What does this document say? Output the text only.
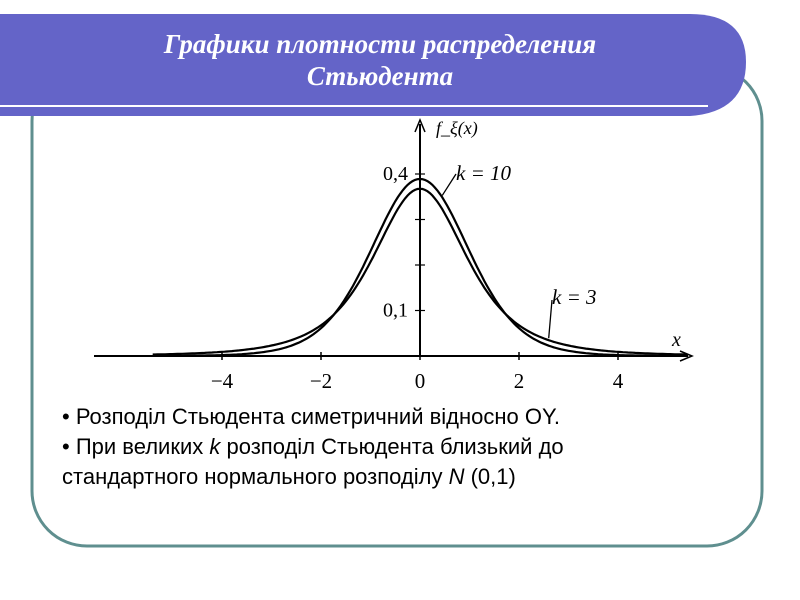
Графики плотности распределения
Стьюдента
−4	−2	0	2	4
0,1
0,4
f_ξ(x)
x
k = 10
k = 3

• Розподіл Стьюдента симетричний відносно OY.

• При великих k розподіл Стьюдента близький до стандартного нормального розподілу N (0,1)
